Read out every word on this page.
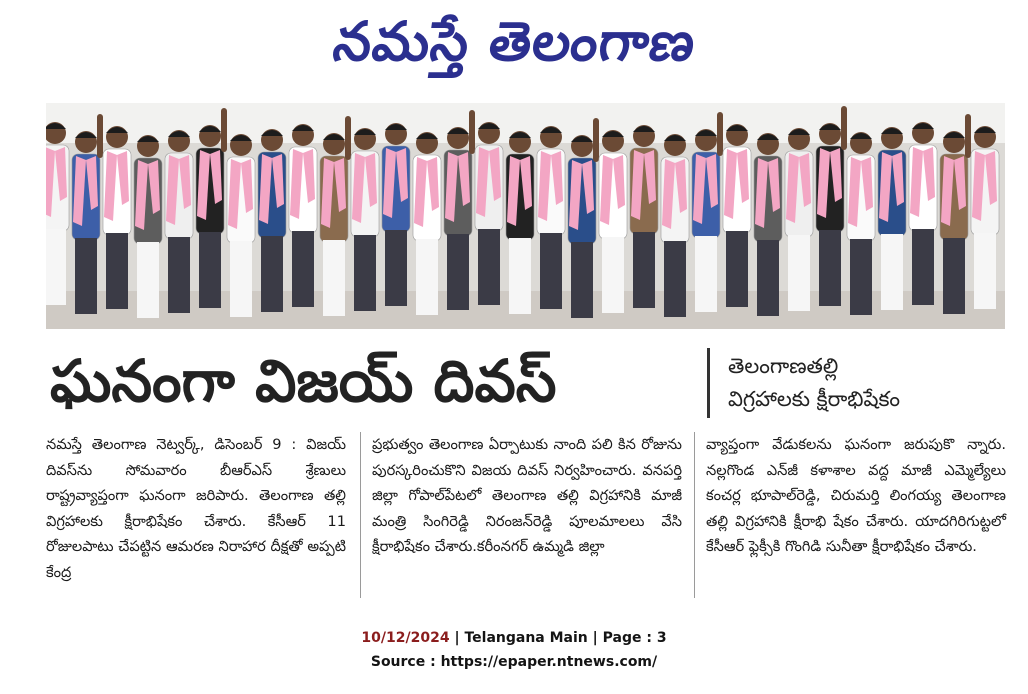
నమస్తే తెలంగాణ
ఘనంగా విజయ్ దివస్	తెలంగాణతల్లి
విగ్రహాలకు క్షీరాభిషేకం

నమస్తే తెలంగాణ నెట్వర్క్, డిసెంబర్ 9 : విజయ్ దివస్‌ను సోమవారం బీఆర్ఎస్ శ్రేణులు రాష్ట్రవ్యాప్తంగా ఘనంగా జరిపారు. తెలంగాణ తల్లి విగ్రహాలకు క్షీరాభిషేకం చేశారు. కేసీఆర్ 11 రోజులపాటు చేపట్టిన ఆమరణ నిరాహార దీక్షతో అప్పటి కేంద్ర

ప్రభుత్వం తెలంగాణ ఏర్పాటుకు నాంది పలి కిన రోజును పురస్కరించుకొని విజయ దివస్ నిర్వహించారు. వనపర్తి జిల్లా గోపాల్‌పేటలో తెలంగాణ తల్లి విగ్రహానికి మాజీ మంత్రి సింగిరెడ్డి నిరంజన్‌రెడ్డి పూలమాలలు వేసి క్షీరాభిషేకం చేశారు.కరీంనగర్ ఉమ్మడి జిల్లా

వ్యాప్తంగా వేడుకలను ఘనంగా జరుపుకొ న్నారు. నల్లగొండ ఎన్‌జీ కళాశాల వద్ద మాజీ ఎమ్మెల్యేలు కంచర్ల భూపాల్‌రెడ్డి, చిరుమర్తి లింగయ్య తెలంగాణ తల్లి విగ్రహానికి క్షీరాభి షేకం చేశారు. యాదగిరిగుట్టలో కేసీఆర్ ఫ్లెక్సీకి గొంగిడి సునీతా క్షీరాభిషేకం చేశారు.

10/12/2024 | Telangana Main | Page : 3
Source : https://epaper.ntnews.com/
